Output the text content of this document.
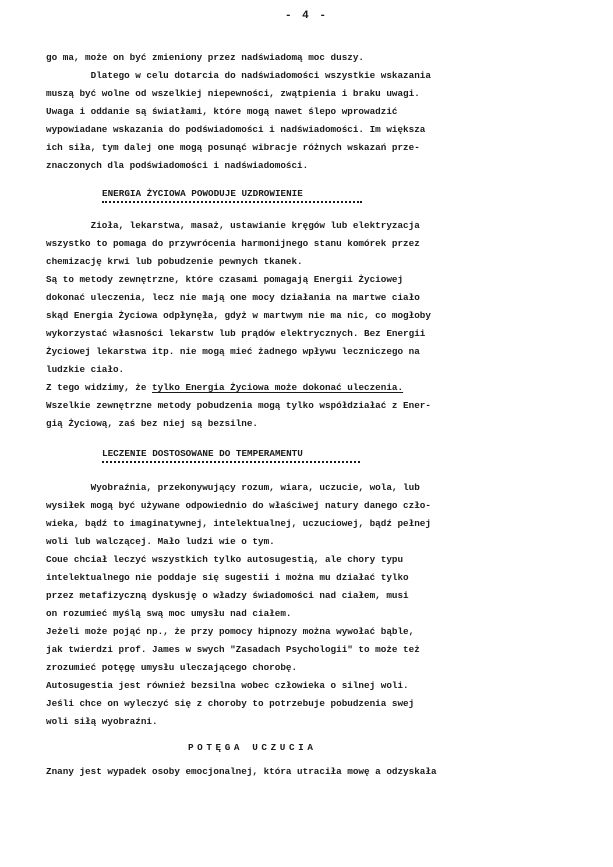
- 4 -
go ma, może on być zmieniony przez nadświadomą moc duszy.
Dlatego w celu dotarcia do nadświadomości wszystkie wskazania
muszą być wolne od wszelkiej niepewności, zwątpienia i braku uwagi.
Uwaga i oddanie są światłami, które mogą nawet ślepo wprowadzić
wypowiadane wskazania do podświadomości i nadświadomości. Im większa
ich siła, tym dalej one mogą posunąć wibracje różnych wskazań prze-
znaczonych dla podświadomości i nadświadomości.
ENERGIA ŻYCIOWA POWODUJE UZDROWIENIE
Zioła, lekarstwa, masaż, ustawianie kręgów lub elektryzacja
wszystko to pomaga do przywrócenia harmonijnego stanu komórek przez
chemizację krwi lub pobudzenie pewnych tkanek.
Są to metody zewnętrzne, które czasami pomagają Energii Życiowej
dokonać uleczenia, lecz nie mają one mocy działania na martwe ciało
skąd Energia Życiowa odpłynęła, gdyż w martwym nie ma nic, co mogłoby
wykorzystać własności lekarstw lub prądów elektrycznych. Bez Energii
Życiowej lekarstwa itp. nie mogą mieć żadnego wpływu leczniczego na
ludzkie ciało.
Z tego widzimy, że tylko Energia Życiowa może dokonać uleczenia.
Wszelkie zewnętrzne metody pobudzenia mogą tylko współdziałać z Ener-
gią Życiową, zaś bez niej są bezsilne.
LECZENIE DOSTOSOWANE DO TEMPERAMENTU
Wyobraźnia, przekonywujący rozum, wiara, uczucie, wola, lub
wysiłek mogą być używane odpowiednio do właściwej natury danego czło-
wieka, bądź to imaginatywnej, intelektualnej, uczuciowej, bądź pełnej
woli lub walczącej. Mało ludzi wie o tym.
Coue chciał leczyć wszystkich tylko autosugestią, ale chory typu
intelektualnego nie poddaje się sugestii i można mu działać tylko
przez metafizyczną dyskusję o władzy świadomości nad ciałem, musi
on rozumieć myślą swą moc umysłu nad ciałem.
Jeżeli może pojąć np., że przy pomocy hipnozy można wywołać bąble,
jak twierdzi prof. James w swych "Zasadach Psychologii" to może też
zrozumieć potęgę umysłu uleczającego chorobę.
Autosugestia jest również bezsilna wobec człowieka o silnej woli.
Jeśli chce on wyleczyć się z choroby to potrzebuje pobudzenia swej
woli siłą wyobraźni.
POTĘGA UCZUCIA
Znany jest wypadek osoby emocjonalnej, która utraciła mowę a odzyskała
